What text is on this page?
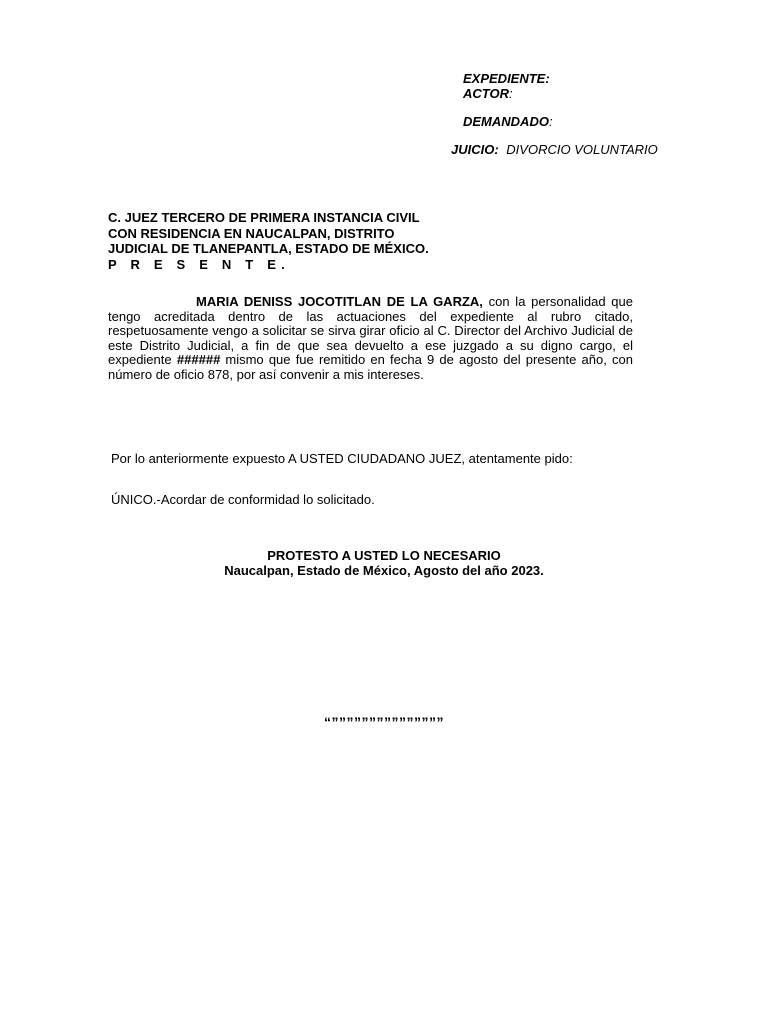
EXPEDIENTE:
ACTOR:
DEMANDADO:
JUICIO: DIVORCIO VOLUNTARIO
C. JUEZ TERCERO DE PRIMERA INSTANCIA CIVIL
CON RESIDENCIA EN NAUCALPAN, DISTRITO
JUDICIAL DE TLANEPANTLA, ESTADO DE MÉXICO.
P R E S E N T E.
MARIA DENISS JOCOTITLAN DE LA GARZA, con la personalidad que tengo acreditada dentro de las actuaciones del expediente al rubro citado, respetuosamente vengo a solicitar se sirva girar oficio al C. Director del Archivo Judicial de este Distrito Judicial, a fin de que sea devuelto a ese juzgado a su digno cargo, el expediente ###### mismo que fue remitido en fecha 9 de agosto del presente año, con número de oficio 878, por así convenir a mis intereses.
Por lo anteriormente expuesto A USTED CIUDADANO JUEZ, atentamente pido:
ÚNICO.-Acordar de conformidad lo solicitado.
PROTESTO A USTED LO NECESARIO
Naucalpan, Estado de México, Agosto del año 2023.
“”””””””””””””””
